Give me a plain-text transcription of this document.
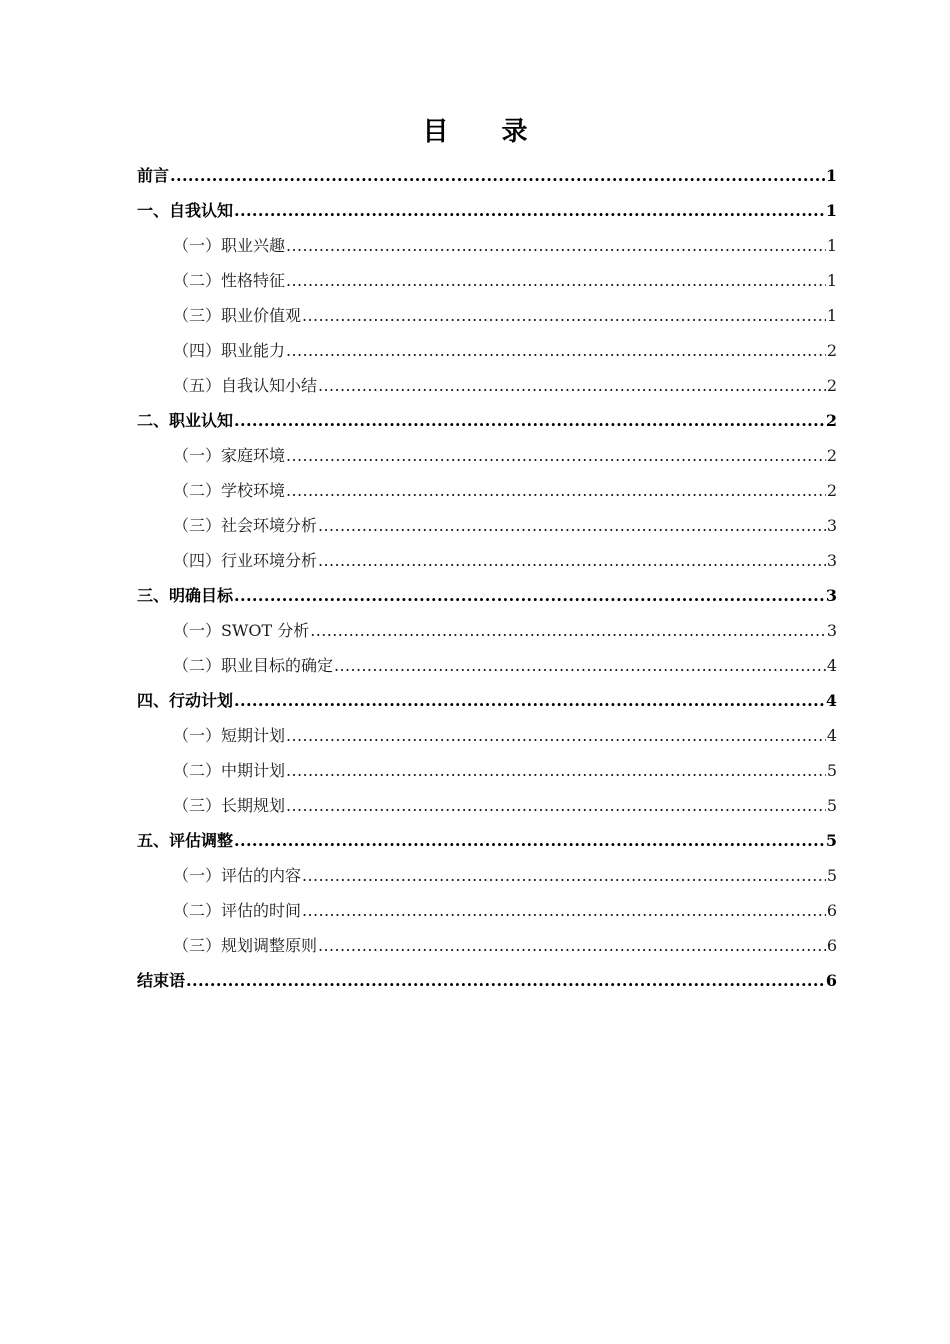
目 录
前言 .....	1
一、自我认知 .....	1
（一）职业兴趣 .....	1
（二）性格特征 .....	1
（三）职业价值观 .....	1
（四）职业能力 .....	2
（五）自我认知小结 .....	2
二、职业认知 .....	2
（一）家庭环境 .....	2
（二）学校环境 .....	2
（三）社会环境分析 .....	3
（四）行业环境分析 .....	3
三、明确目标 .....	3
（一）SWOT 分析 .....	3
（二）职业目标的确定 .....	4
四、行动计划 .....	4
（一）短期计划 .....	4
（二）中期计划 .....	5
（三）长期规划 .....	5
五、评估调整 .....	5
（一）评估的内容 .....	5
（二）评估的时间 .....	6
（三）规划调整原则 .....	6
结束语 .....	6
